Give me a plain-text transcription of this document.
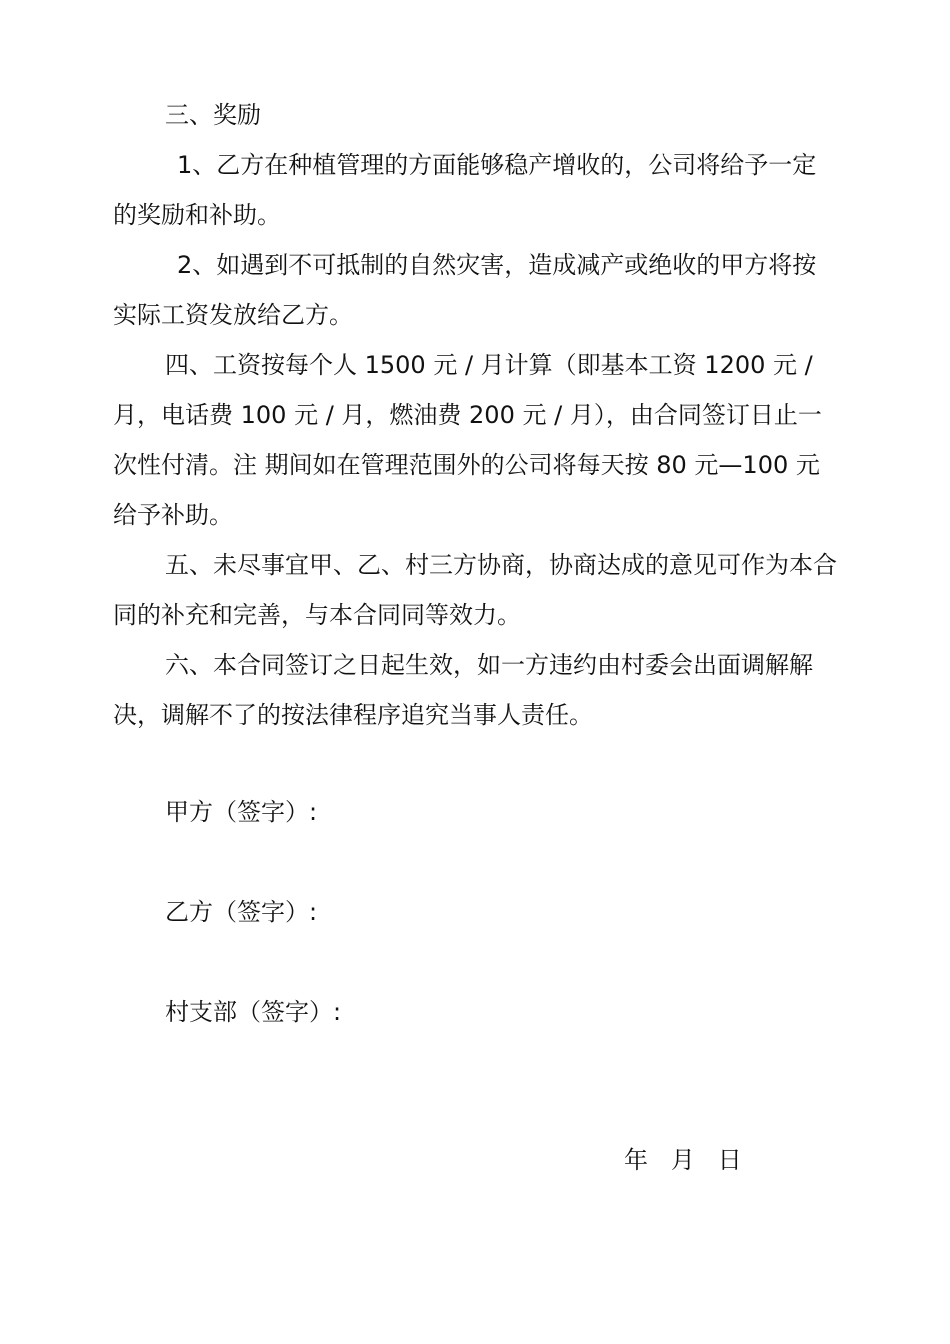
三、奖励

1、乙方在种植管理的方面能够稳产增收的，公司将给予一定的奖励和补助。

2、如遇到不可抵制的自然灾害，造成减产或绝收的甲方将按实际工资发放给乙方。

四、工资按每个人 1500 元 / 月计算（即基本工资 1200 元 / 月，电话费 100 元 / 月，燃油费 200 元 / 月），由合同签订日止一次性付清。注 期间如在管理范围外的公司将每天按 80 元—100 元给予补助。

五、未尽事宜甲、乙、村三方协商，协商达成的意见可作为本合同的补充和完善，与本合同同等效力。

六、本合同签订之日起生效，如一方违约由村委会出面调解解决，调解不了的按法律程序追究当事人责任。

甲方（签字）:

乙方（签字）:

村支部（签字）:

年   月   日
